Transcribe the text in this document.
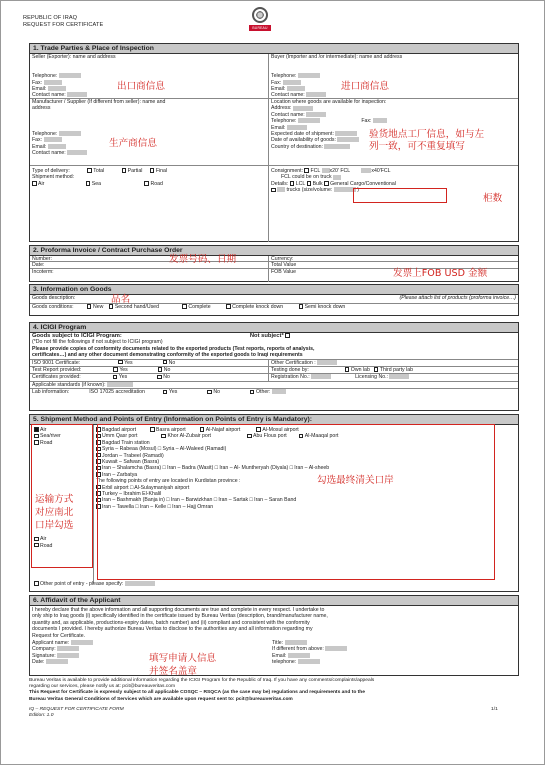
REPUBLIC OF IRAQ
REQUEST FOR CERTIFICATE	BUREAU VERITAS
1. Trade Parties & Place of Inspection
Seller (Exporter): name and address

Telephone:
Fax:
Email:
Contact name:
Buyer (Importer and /or intermediate): name and address

Telephone:
Fax:
Email:
Contact name:
Manufacturer / Supplier (If different from seller): name and
address

Telephone:
Fax:
Email:
Contact name:
Location where goods are available for inspection:
Address:
Contact name:
Telephone:	Fax:
Email:
Expected date of shipment:
Date of availability of goods:
Country of destination:
Type of delivery:	Total	Partial	Final
Shipment method:
Air	Sea	Road
Consignment: FCL x20' FCL	x40'FCL
FCL could be on truck
Details: LCL Bulk General Cargo/Conventional
trucks (size/volume:	)
2. Proforma Invoice / Contract Purchase Order
Number:
Date:
Incoterm:
Currency:
Total Value
FOB Value
3. Information on Goods
Goods description:	(Please attach list of products (proforma invoice…)
Goods conditions:	New Second hand/Used	Complete	Complete knock down	Semi knock down
4. ICIGI Program
Goods subject to ICIGI Program:	Not subject*
(*Do not fill the followings if not subject to ICIGI program)
Please provide copies of conformity documents related to the exported products (Test reports, reports of analysis,
certificates…) and any other document demonstrating conformity of the exported goods to Iraqi requirements
ISO 9001 Certificate:	Yes	No	Other Certification :
Test Report provided:	Yes	No	Testing done by:	Own lab Third party lab
Certificates provided:	Yes	No	Registration No.:	Licensing No.:
Applicable standards (if known):
Lab information:	ISO 17025 accreditation	Yes	No	Other:
5. Shipment Method and Points of Entry (Information on Points of Entry is Mandatory):
Air
Sea/river
Road
Air
Road
Bagdad airport	Basra airport	Al-Najaf airport	Al-Mosul airport
Umm Qasr port	Khor Al-Zubair port	Abu Flous port	Al-Maaqal port
Bagdad Train station
Syria – Rabeaa (Mosul) □ Syria – Al-Waleed (Ramadi)
Jordan – Trabeel (Ramadi)
Kuwait – Safwan (Basra)
Iran – Shalamcha (Basra) □ Iran – Badra (Wasit) □ Iran – Al- Muntheryah (Diyala) □ Iran – Al-sheeb
Iran – Zarbatya
The following points of entry are located in Kurdistan province :
Erbil airport □ Al-Sulaymaniyah airport
Turkey – Ibrahim El-Khalil
Iran – Bashmakh (Banja in) □ Iran – Barwizkhan □ Iran – Sartak □ Iran – Saran Band
Iran – Tawella □ Iran – Kelle □ Iran – Hajj Omran
Other point of entry - please specify:
6. Affidavit of the Applicant
I hereby declare that the above information and all supporting documents are true and complete in every respect. I undertake to
only ship to Iraq goods (i) specifically identified in the certificate issued by Bureau Veritas (description, brand/manufacturer name,
quantity and, as applicable, productions-expiry dates, batch number) and (ii) compliant and consistent with the conformity
documents I provided. I hereby authorize Bureau Veritas to disclose to the authorities any and all information regarding my
Request for Certificate.
Applicant name:
Company:
Signature:
Date:
Title:
If different from above:
Email:
telephone:
Bureau Veritas is available to provide additional information regarding the ICIGI Program for the Republic of Iraq. If you have any comments/complaints/appeals
regarding our services, please notify us at: pcit@bureauveritas.com
This Request for Certificate is expressly subject to all applicable COSQC – RSQCA (as the case may be) regulations and requirements and to the
Bureau Veritas General Conditions of Services which are available upon request sent to: pcit@bureauveritas.com
IQ – REQUEST FOR CERTIFICATE FORM
Edition: 1.0
1/1
出口商信息	进口商信息
生产商信息
验货地点工厂信息，如与左
列一致，可不重复填写
柜数
发票号码、日期
发票上FOB USD 金额
品名
运输方式
对应南北
口岸勾选
勾选最终清关口岸
填写申请人信息
并签名盖章
